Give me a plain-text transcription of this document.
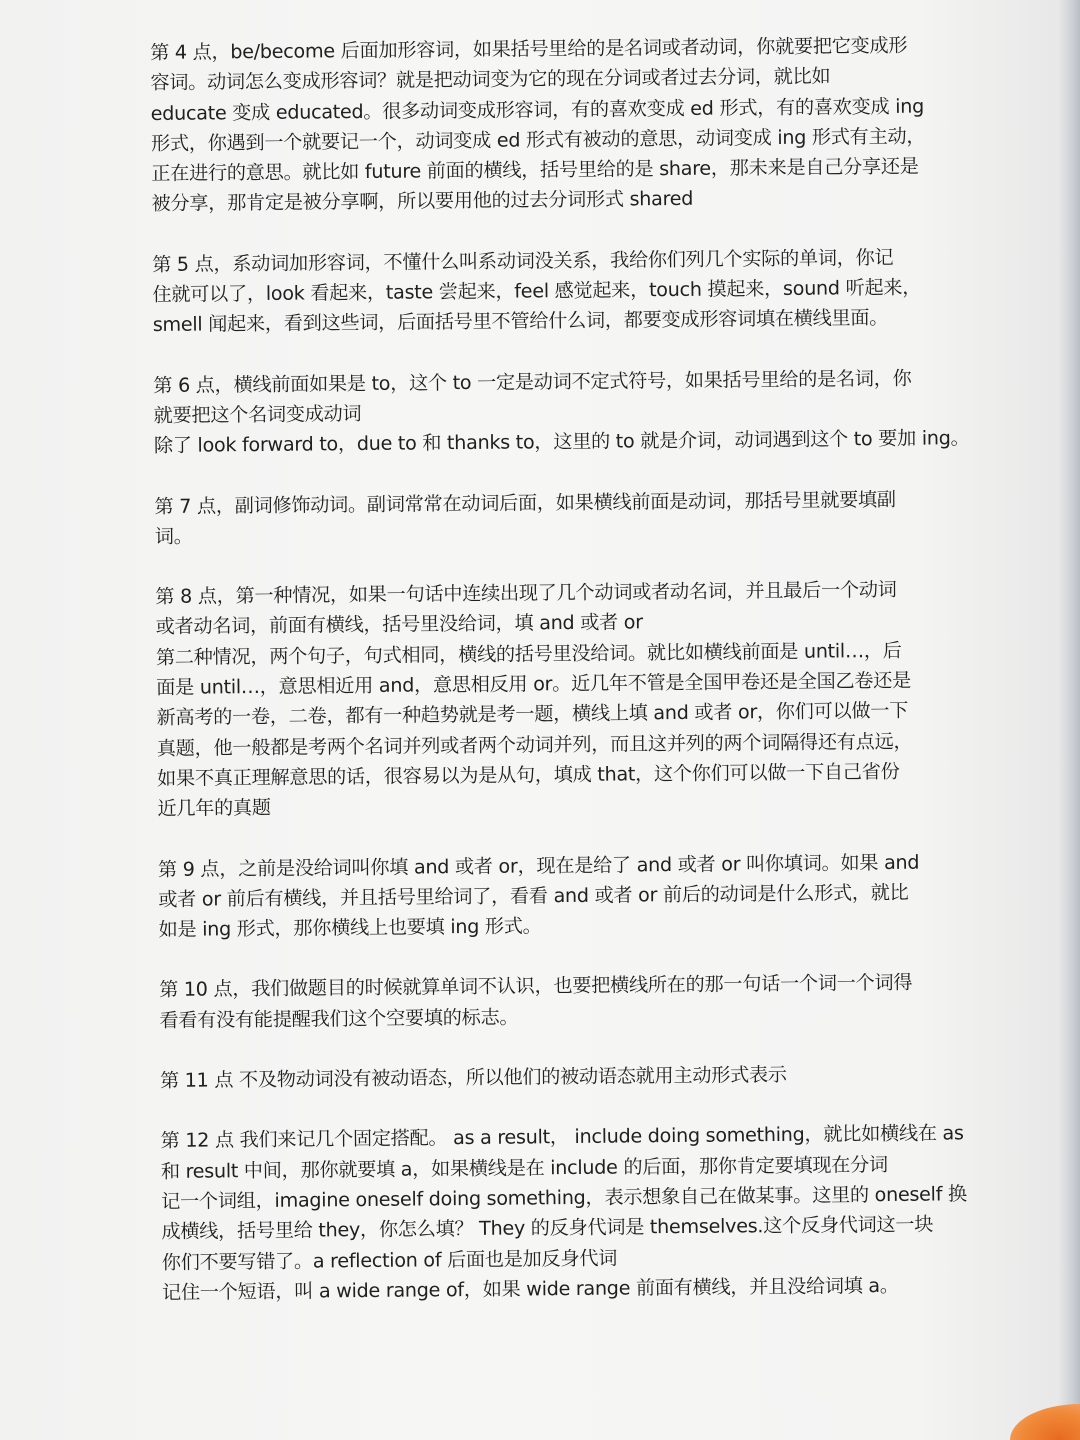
第 4 点，be/become 后面加形容词，如果括号里给的是名词或者动词，你就要把它变成形
容词。动词怎么变成形容词？就是把动词变为它的现在分词或者过去分词，就比如
educate 变成 educated。很多动词变成形容词，有的喜欢变成 ed 形式，有的喜欢变成 ing
形式，你遇到一个就要记一个，动词变成 ed 形式有被动的意思，动词变成 ing 形式有主动，
正在进行的意思。就比如 future 前面的横线，括号里给的是 share，那未来是自己分享还是
被分享，那肯定是被分享啊，所以要用他的过去分词形式 shared
第 5 点，系动词加形容词，不懂什么叫系动词没关系，我给你们列几个实际的单词，你记
住就可以了，look 看起来，taste 尝起来，feel 感觉起来，touch 摸起来，sound 听起来，
smell 闻起来，看到这些词，后面括号里不管给什么词，都要变成形容词填在横线里面。
第 6 点，横线前面如果是 to，这个 to 一定是动词不定式符号，如果括号里给的是名词，你
就要把这个名词变成动词
除了 look forward to，due to 和 thanks to，这里的 to 就是介词，动词遇到这个 to 要加 ing。
第 7 点，副词修饰动词。副词常常在动词后面，如果横线前面是动词，那括号里就要填副
词。
第 8 点，第一种情况，如果一句话中连续出现了几个动词或者动名词，并且最后一个动词
或者动名词，前面有横线，括号里没给词，填 and 或者 or
第二种情况，两个句子，句式相同，横线的括号里没给词。就比如横线前面是 until…，后
面是 until…，意思相近用 and，意思相反用 or。近几年不管是全国甲卷还是全国乙卷还是
新高考的一卷，二卷，都有一种趋势就是考一题，横线上填 and 或者 or，你们可以做一下
真题，他一般都是考两个名词并列或者两个动词并列，而且这并列的两个词隔得还有点远，
如果不真正理解意思的话，很容易以为是从句，填成 that，这个你们可以做一下自己省份
近几年的真题
第 9 点，之前是没给词叫你填 and 或者 or，现在是给了 and 或者 or 叫你填词。如果 and
或者 or 前后有横线，并且括号里给词了，看看 and 或者 or 前后的动词是什么形式，就比
如是 ing 形式，那你横线上也要填 ing 形式。
第 10 点，我们做题目的时候就算单词不认识，也要把横线所在的那一句话一个词一个词得
看看有没有能提醒我们这个空要填的标志。
第 11 点 不及物动词没有被动语态，所以他们的被动语态就用主动形式表示
第 12 点 我们来记几个固定搭配。 as a result， include doing something，就比如横线在 as
和 result 中间，那你就要填 a，如果横线是在 include 的后面，那你肯定要填现在分词
记一个词组，imagine oneself doing something，表示想象自己在做某事。这里的 oneself 换
成横线，括号里给 they，你怎么填？ They 的反身代词是 themselves.这个反身代词这一块
你们不要写错了。a reflection of 后面也是加反身代词
记住一个短语，叫 a wide range of，如果 wide range 前面有横线，并且没给词填 a。
